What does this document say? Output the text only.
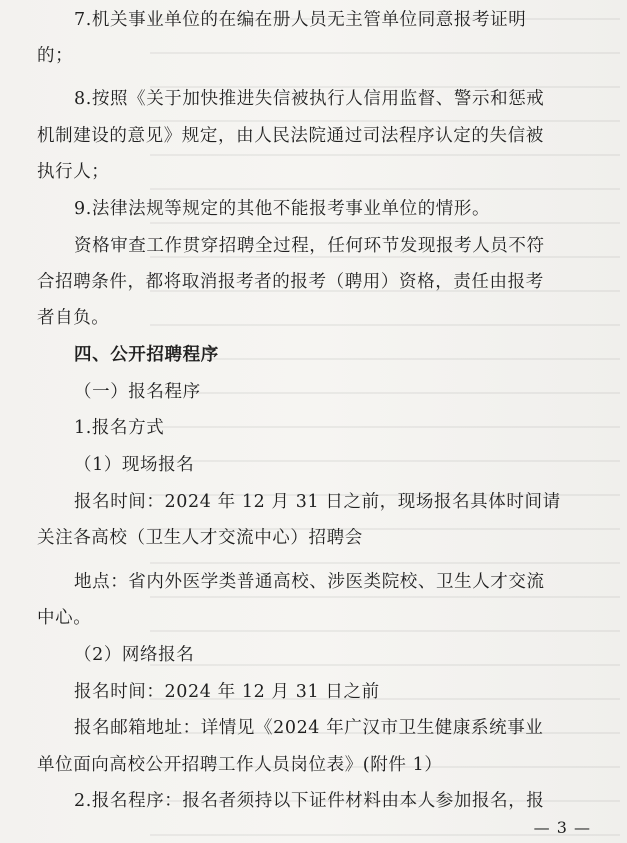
7.机关事业单位的在编在册人员无主管单位同意报考证明
的；
8.按照《关于加快推进失信被执行人信用监督、警示和惩戒
机制建设的意见》规定，由人民法院通过司法程序认定的失信被
执行人；
9.法律法规等规定的其他不能报考事业单位的情形。
资格审查工作贯穿招聘全过程，任何环节发现报考人员不符
合招聘条件，都将取消报考者的报考（聘用）资格，责任由报考
者自负。
四、公开招聘程序
（一）报名程序
1.报名方式
（1）现场报名
报名时间：2024 年 12 月 31 日之前，现场报名具体时间请
关注各高校（卫生人才交流中心）招聘会
地点：省内外医学类普通高校、涉医类院校、卫生人才交流
中心。
（2）网络报名
报名时间：2024 年 12 月 31 日之前
报名邮箱地址：详情见《2024 年广汉市卫生健康系统事业
单位面向高校公开招聘工作人员岗位表》(附件 1）
2.报名程序：报名者须持以下证件材料由本人参加报名，报
— 3 —
